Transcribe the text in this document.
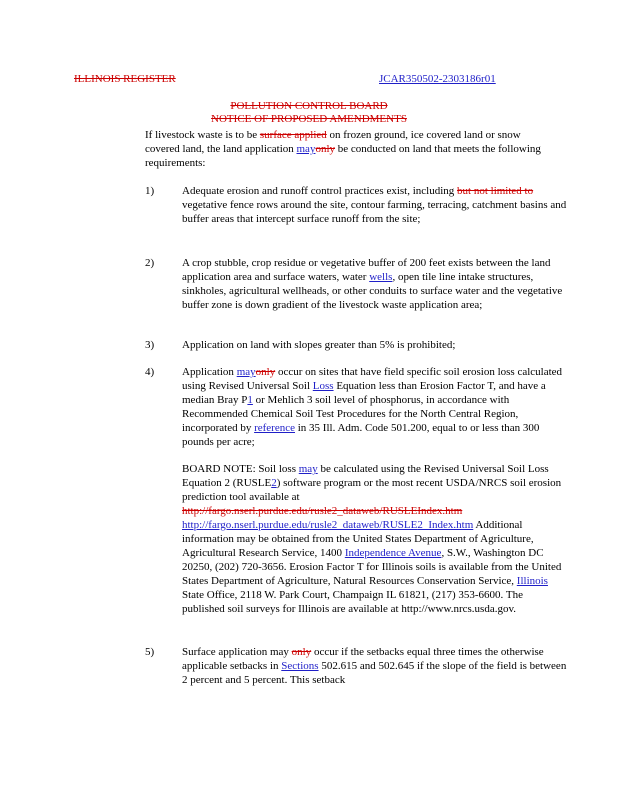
ILLINOIS REGISTER	JCAR350502-2303186r01
POLLUTION CONTROL BOARD
NOTICE OF PROPOSED AMENDMENTS
If livestock waste is to be surface applied on frozen ground, ice covered land or snow covered land, the land application mayonly be conducted on land that meets the following requirements:
1)	Adequate erosion and runoff control practices exist, including but not limited to vegetative fence rows around the site, contour farming, terracing, catchment basins and buffer areas that intercept surface runoff from the site;
2)	A crop stubble, crop residue or vegetative buffer of 200 feet exists between the land application area and surface waters, water wells, open tile line intake structures, sinkholes, agricultural wellheads, or other conduits to surface water and the vegetative buffer zone is down gradient of the livestock waste application area;
3)	Application on land with slopes greater than 5% is prohibited;
4)	Application mayonly occur on sites that have field specific soil erosion loss calculated using Revised Universal Soil Loss Equation less than Erosion Factor T, and have a median Bray P1 or Mehlich 3 soil level of phosphorus, in accordance with Recommended Chemical Soil Test Procedures for the North Central Region, incorporated by reference in 35 Ill. Adm. Code 501.200, equal to or less than 300 pounds per acre;
BOARD NOTE: Soil loss may be calculated using the Revised Universal Soil Loss Equation 2 (RUSLE2) software program or the most recent USDA/NRCS soil erosion prediction tool available at http://fargo.nserl.purdue.edu/rusle2_dataweb/RUSLEIndex.htm http://fargo.nserl.purdue.edu/rusle2_dataweb/RUSLE2_Index.htm Additional information may be obtained from the United States Department of Agriculture, Agricultural Research Service, 1400 Independence Avenue, S.W., Washington DC 20250, (202) 720-3656. Erosion Factor T for Illinois soils is available from the United States Department of Agriculture, Natural Resources Conservation Service, Illinois State Office, 2118 W. Park Court, Champaign IL 61821, (217) 353-6600. The published soil surveys for Illinois are available at http://www.nrcs.usda.gov.
5)	Surface application may only occur if the setbacks equal three times the otherwise applicable setbacks in Sections 502.615 and 502.645 if the slope of the field is between 2 percent and 5 percent. This setback
